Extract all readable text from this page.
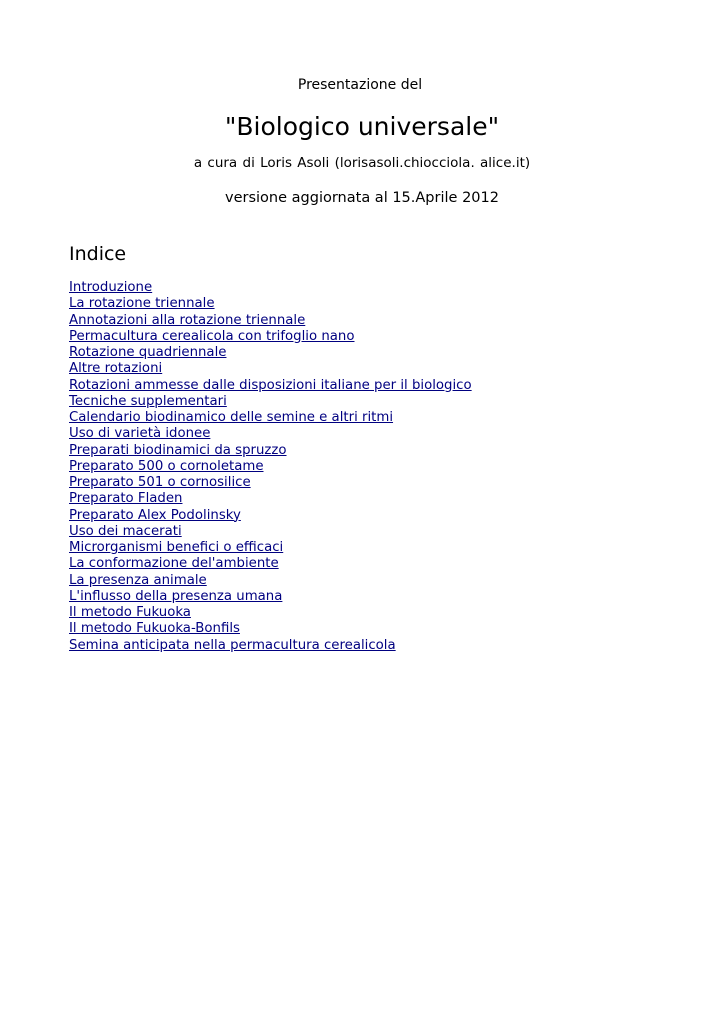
Presentazione del
"Biologico universale"
a cura di Loris Asoli (lorisasoli.chiocciola. alice.it)
versione aggiornata al 15.Aprile 2012
Indice
Introduzione
La rotazione triennale
Annotazioni alla rotazione triennale
Permacultura cerealicola con trifoglio nano
Rotazione quadriennale
Altre rotazioni
Rotazioni ammesse dalle disposizioni italiane per il biologico
Tecniche supplementari
Calendario biodinamico delle semine e altri ritmi
Uso di varietà idonee
Preparati biodinamici da spruzzo
Preparato 500 o cornoletame
Preparato 501 o cornosilice
Preparato Fladen
Preparato Alex Podolinsky
Uso dei macerati
Microrganismi benefici o efficaci
La conformazione del'ambiente
La presenza animale
L'influsso della presenza umana
Il metodo Fukuoka
Il metodo Fukuoka-Bonfils
Semina anticipata nella permacultura cerealicola
